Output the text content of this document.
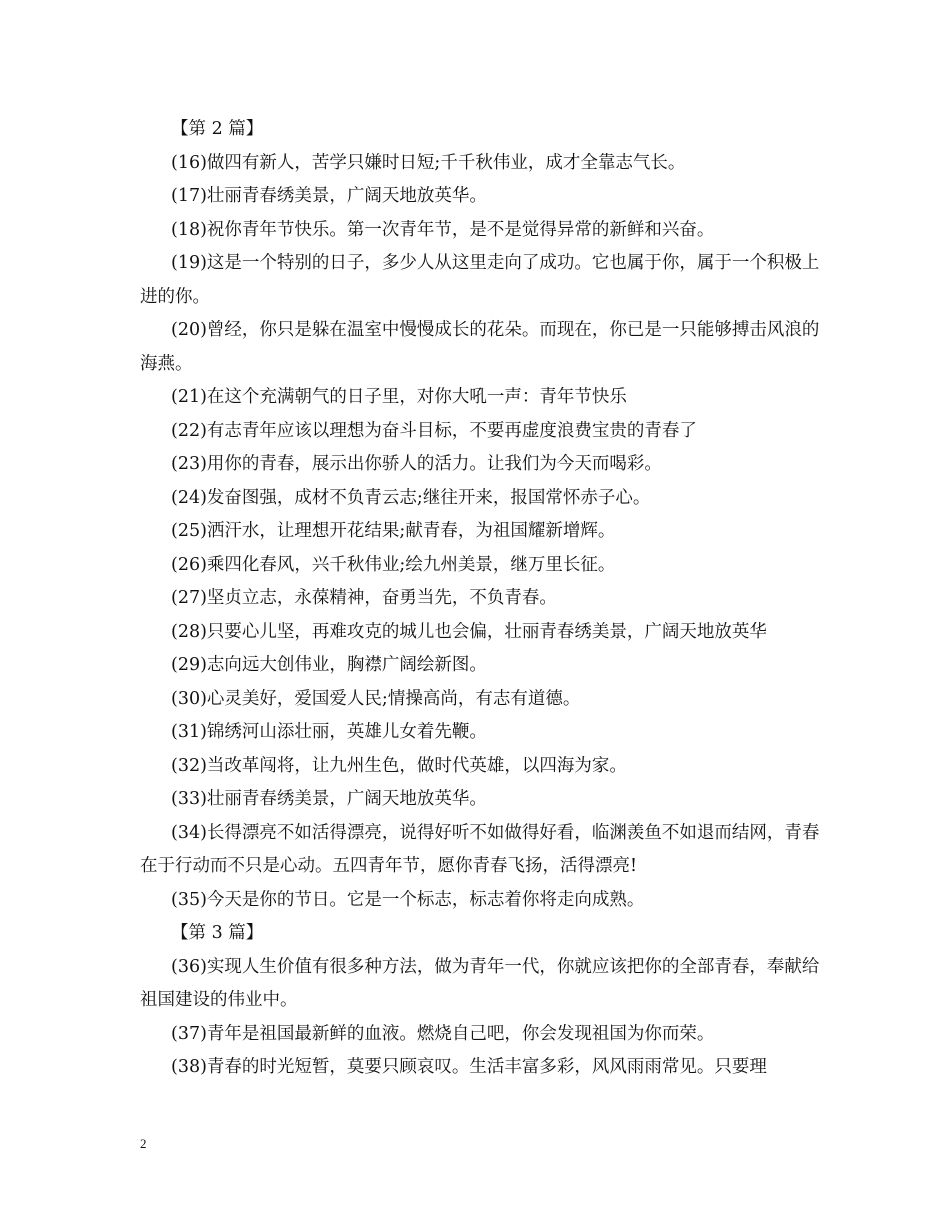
【第 2 篇】

(16)做四有新人，苦学只嫌时日短;千千秋伟业，成才全靠志气长。

(17)壮丽青春绣美景，广阔天地放英华。

(18)祝你青年节快乐。第一次青年节，是不是觉得异常的新鲜和兴奋。

(19)这是一个特别的日子，多少人从这里走向了成功。它也属于你，属于一个积极上进的你。

(20)曾经，你只是躲在温室中慢慢成长的花朵。而现在，你已是一只能够搏击风浪的海燕。

(21)在这个充满朝气的日子里，对你大吼一声：青年节快乐

(22)有志青年应该以理想为奋斗目标，不要再虚度浪费宝贵的青春了

(23)用你的青春，展示出你骄人的活力。让我们为今天而喝彩。

(24)发奋图强，成材不负青云志;继往开来，报国常怀赤子心。

(25)洒汗水，让理想开花结果;献青春，为祖国耀新增辉。

(26)乘四化春风，兴千秋伟业;绘九州美景，继万里长征。

(27)坚贞立志，永葆精神，奋勇当先，不负青春。

(28)只要心儿坚，再难攻克的城儿也会偏，壮丽青春绣美景，广阔天地放英华

(29)志向远大创伟业，胸襟广阔绘新图。

(30)心灵美好，爱国爱人民;情操高尚，有志有道德。

(31)锦绣河山添壮丽，英雄儿女着先鞭。

(32)当改革闯将，让九州生色，做时代英雄，以四海为家。

(33)壮丽青春绣美景，广阔天地放英华。

(34)长得漂亮不如活得漂亮，说得好听不如做得好看，临渊羡鱼不如退而结网，青春在于行动而不只是心动。五四青年节，愿你青春飞扬，活得漂亮!

(35)今天是你的节日。它是一个标志，标志着你将走向成熟。

【第 3 篇】

(36)实现人生价值有很多种方法，做为青年一代，你就应该把你的全部青春，奉献给祖国建设的伟业中。

(37)青年是祖国最新鲜的血液。燃烧自己吧，你会发现祖国为你而荣。

(38)青春的时光短暂，莫要只顾哀叹。生活丰富多彩，风风雨雨常见。只要理

2
